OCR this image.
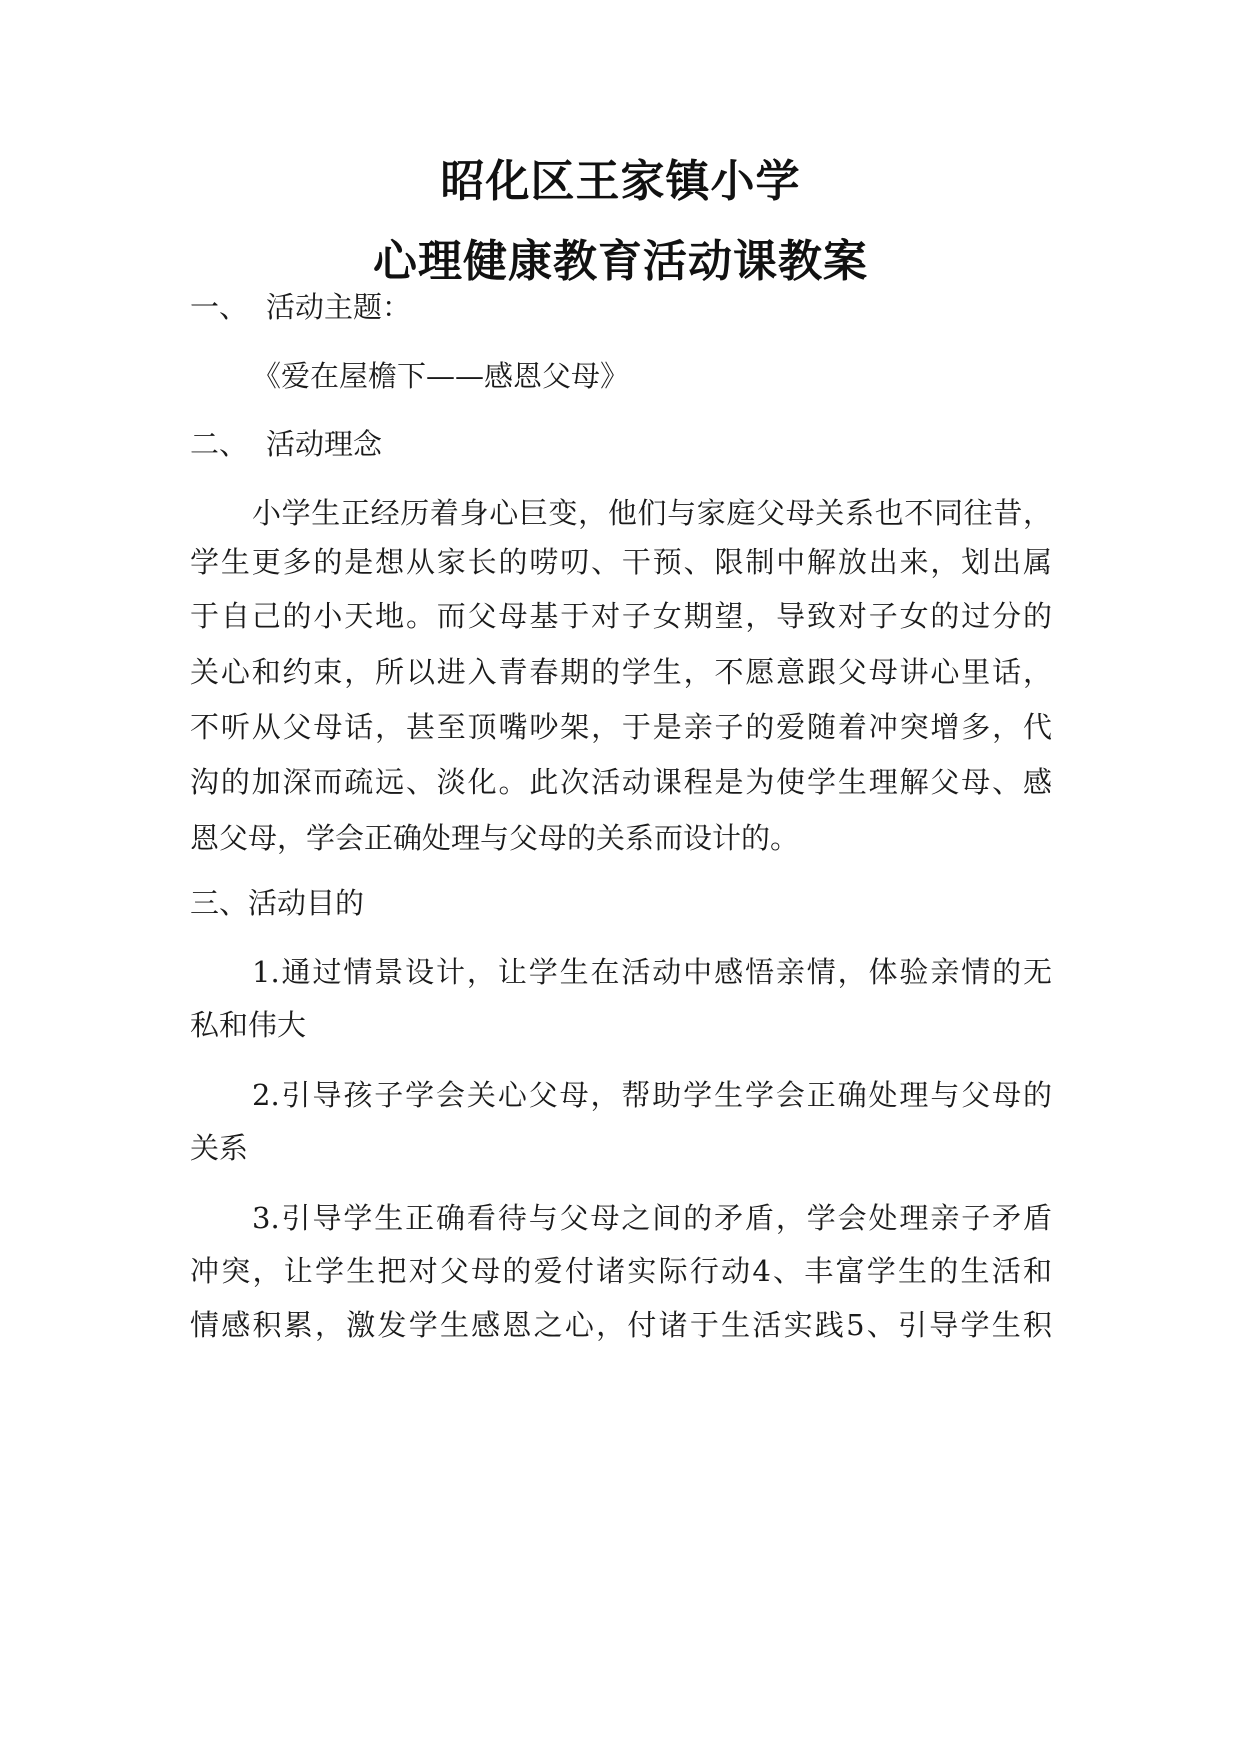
昭化区王家镇小学
心理健康教育活动课教案
一、 活动主题：
《爱在屋檐下——感恩父母》
二、 活动理念
小学生正经历着身心巨变，他们与家庭父母关系也不同往昔，
学生更多的是想从家长的唠叨、干预、限制中解放出来，划出属
于自己的小天地。而父母基于对子女期望，导致对子女的过分的
关心和约束，所以进入青春期的学生，不愿意跟父母讲心里话，
不听从父母话，甚至顶嘴吵架，于是亲子的爱随着冲突增多，代
沟的加深而疏远、淡化。此次活动课程是为使学生理解父母、感
恩父母，学会正确处理与父母的关系而设计的。
三、活动目的
1.通过情景设计，让学生在活动中感悟亲情，体验亲情的无
私和伟大
2.引导孩子学会关心父母，帮助学生学会正确处理与父母的
关系
3.引导学生正确看待与父母之间的矛盾，学会处理亲子矛盾
冲突，让学生把对父母的爱付诸实际行动4、丰富学生的生活和
情感积累，激发学生感恩之心，付诸于生活实践5、引导学生积
